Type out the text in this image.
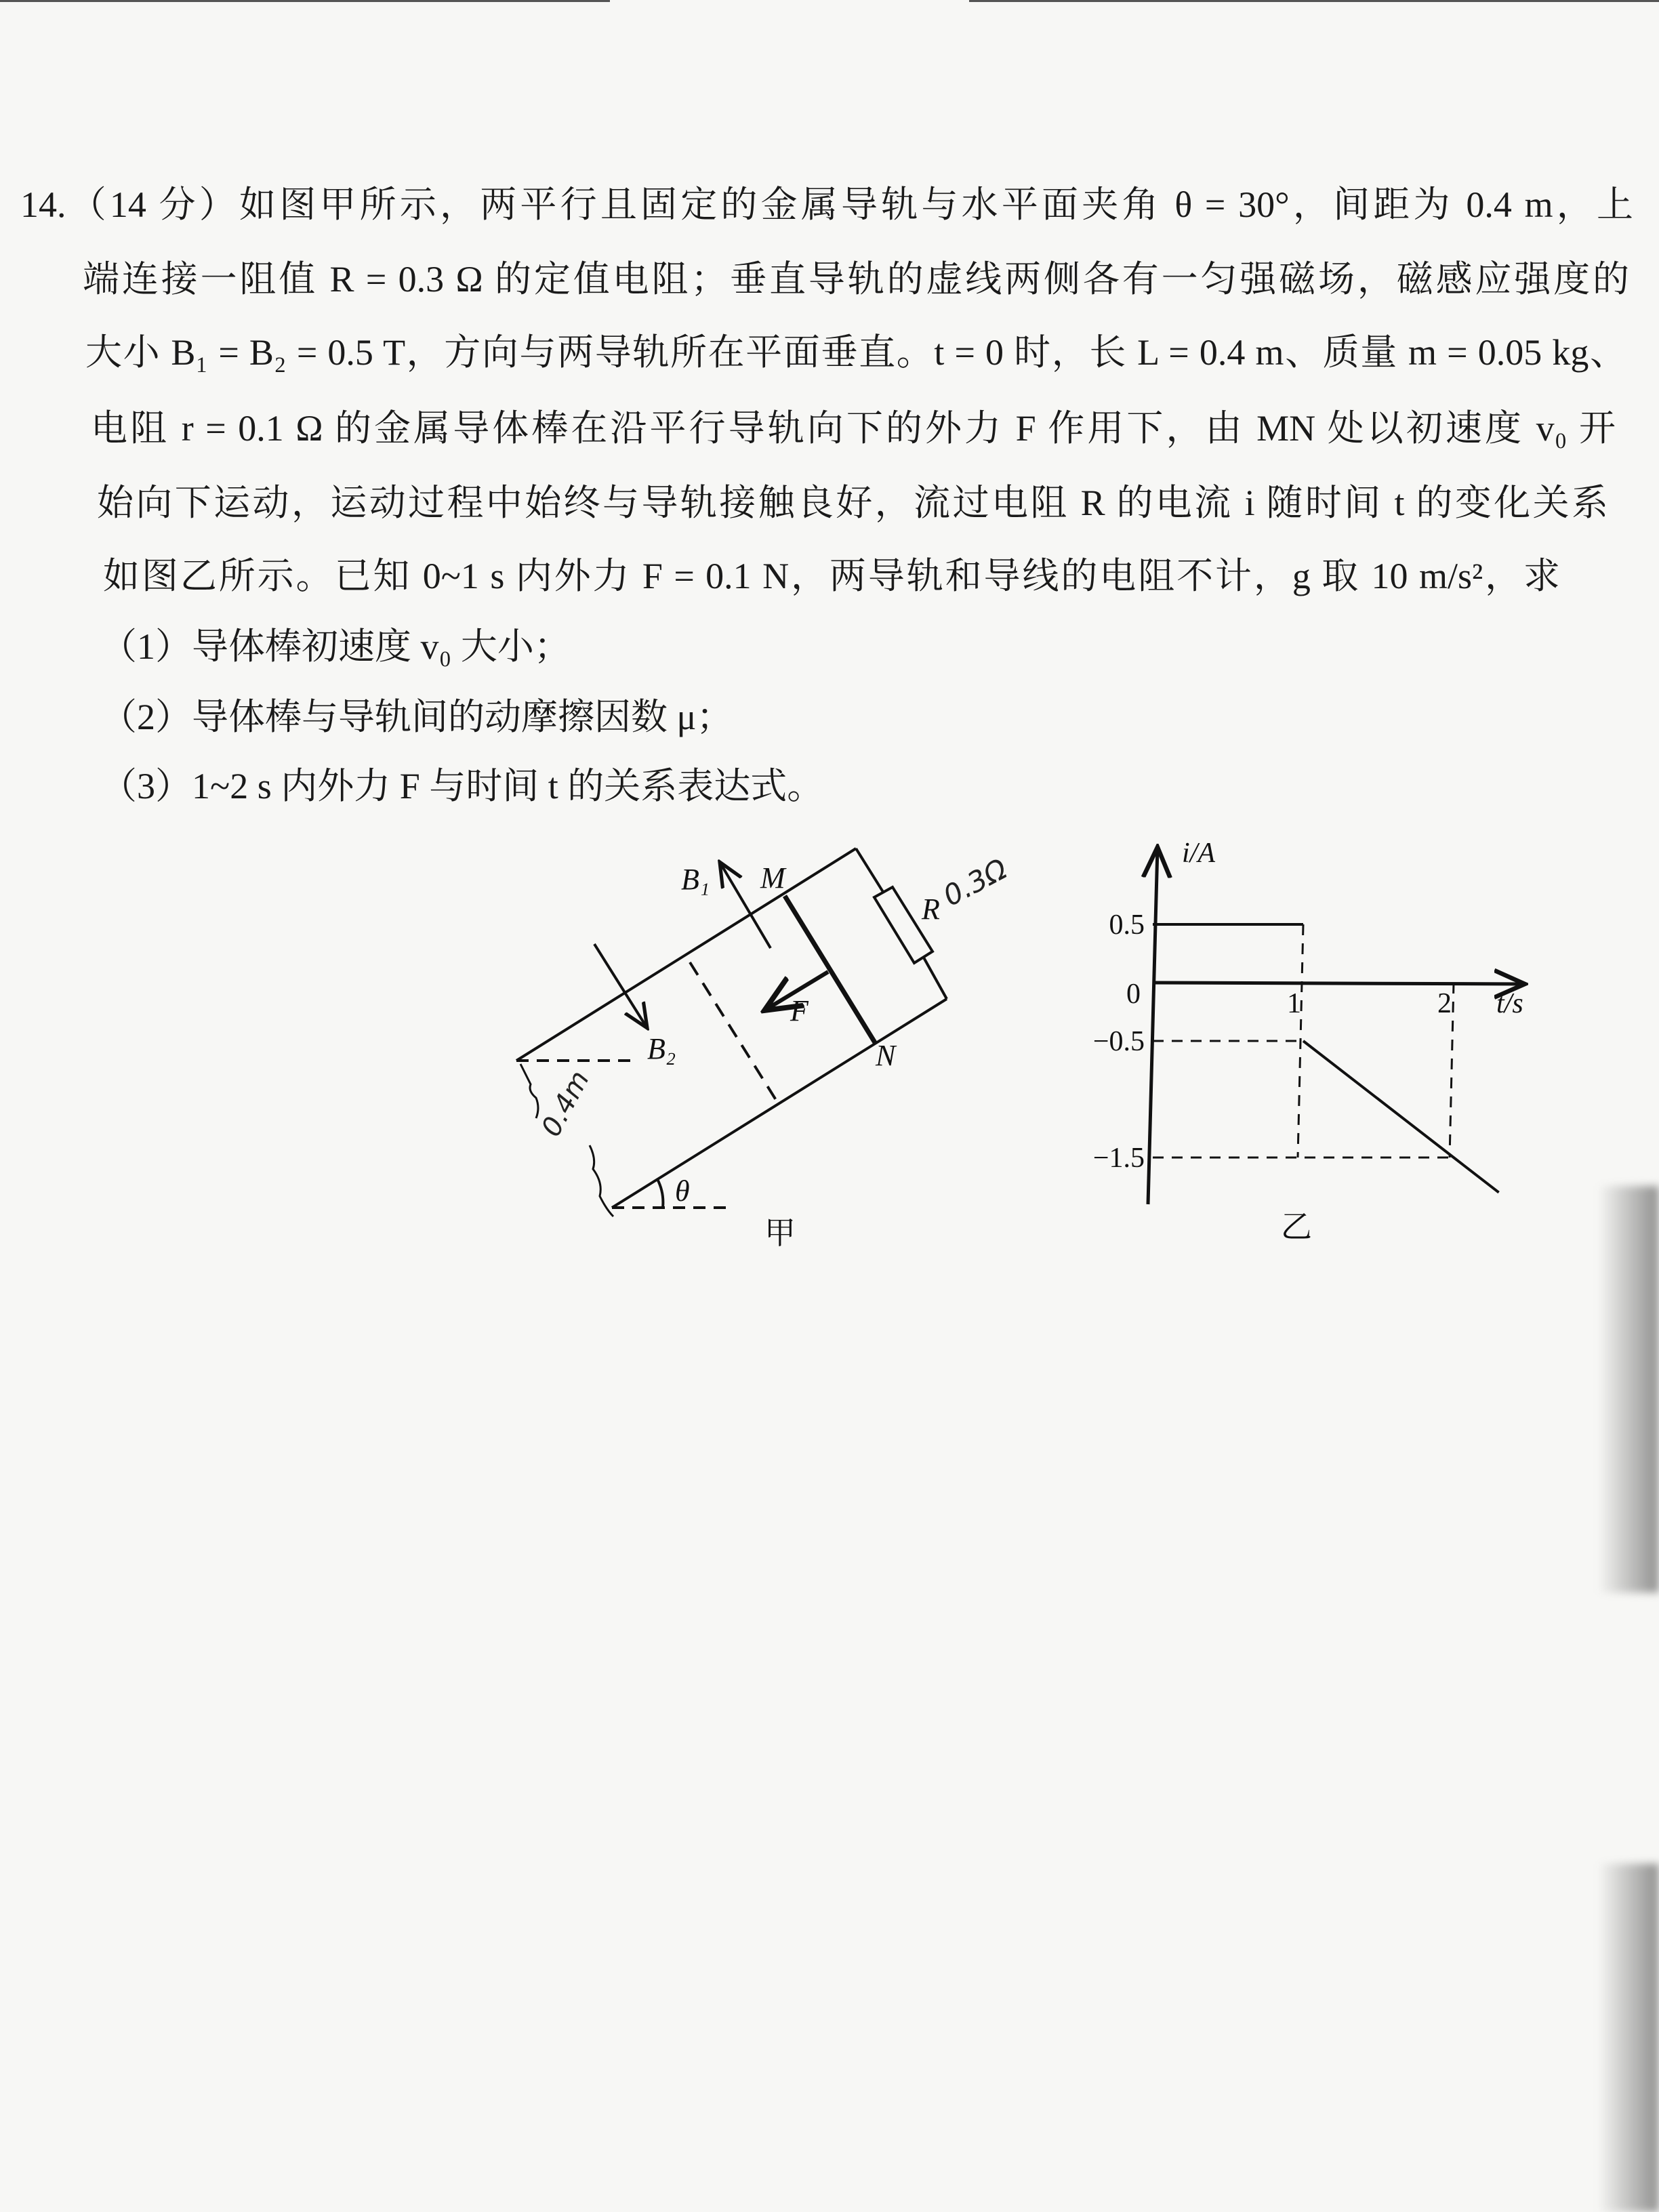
14.（14 分）如图甲所示，两平行且固定的金属导轨与水平面夹角 θ = 30°，间距为 0.4 m，上
端连接一阻值 R = 0.3 Ω 的定值电阻；垂直导轨的虚线两侧各有一匀强磁场，磁感应强度的
大小 B₁ = B₂ = 0.5 T，方向与两导轨所在平面垂直。t = 0 时，长 L = 0.4 m、质量 m = 0.05 kg、
电阻 r = 0.1 Ω 的金属导体棒在沿平行导轨向下的外力 F 作用下，由 MN 处以初速度 v₀ 开
始向下运动，运动过程中始终与导轨接触良好，流过电阻 R 的电流 i 随时间 t 的变化关系
如图乙所示。已知 0~1 s 内外力 F = 0.1 N，两导轨和导线的电阻不计，g 取 10 m/s²，求
（1）导体棒初速度 v₀ 大小；
（2）导体棒与导轨间的动摩擦因数 μ；
（3）1~2 s 内外力 F 与时间 t 的关系表达式。
0.4m
0.3Ω
B₁ M
R
F
B₂	N
θ
甲
1	2
0.5
−0.5
−1.5
i/A
t/s
0
乙
